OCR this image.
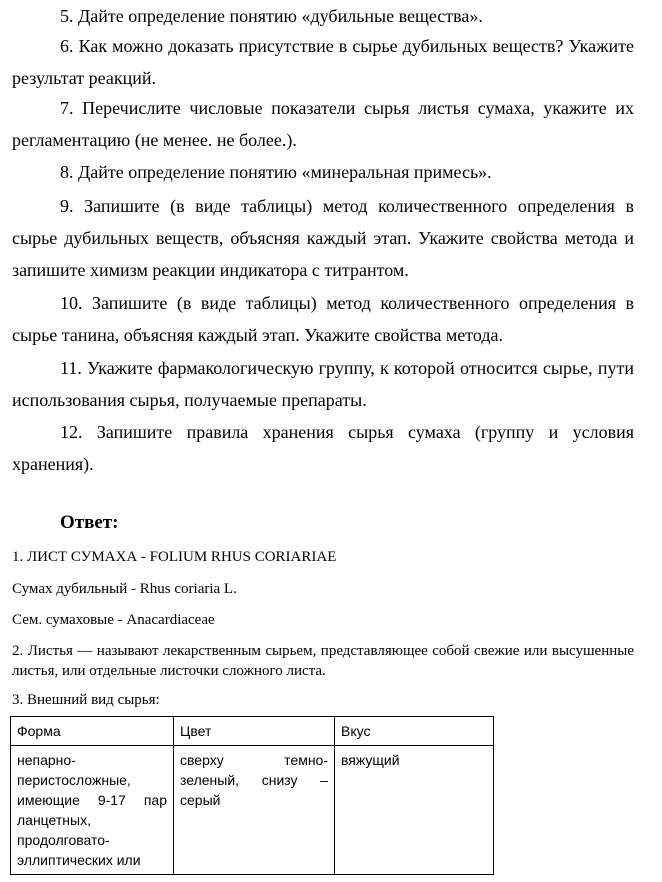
5. Дайте определение понятию «дубильные вещества».
6. Как можно доказать присутствие в сырье дубильных веществ? Укажите результат реакций.
7. Перечислите числовые показатели сырья листья сумаха, укажите их регламентацию (не менее. не более.).
8. Дайте определение понятию «минеральная примесь».
9. Запишите (в виде таблицы) метод количественного определения в сырье дубильных веществ, объясняя каждый этап. Укажите свойства метода и запишите химизм реакции индикатора с титрантом.
10. Запишите (в виде таблицы) метод количественного определения в сырье танина, объясняя каждый этап. Укажите свойства метода.
11. Укажите фармакологическую группу, к которой относится сырье, пути использования сырья, получаемые препараты.
12. Запишите правила хранения сырья сумаха (группу и условия хранения).
Ответ:
1. ЛИСТ СУМАХА - FOLIUM RHUS CORIARIAE
Сумах дубильный - Rhus coriaria L.
Сем. сумаховые - Anacardiaceae
2. Листья — называют лекарственным сырьем, представляющее собой свежие или высушенные листья, или отдельные листочки сложного листа.
3. Внешний вид сырья:
Форма	Цвет	Вкус
непарно-перистосложные, имеющие 9-17 пар ланцетных, продолговато-эллиптических или	сверху темно-зеленый, снизу – серый	вяжущий
